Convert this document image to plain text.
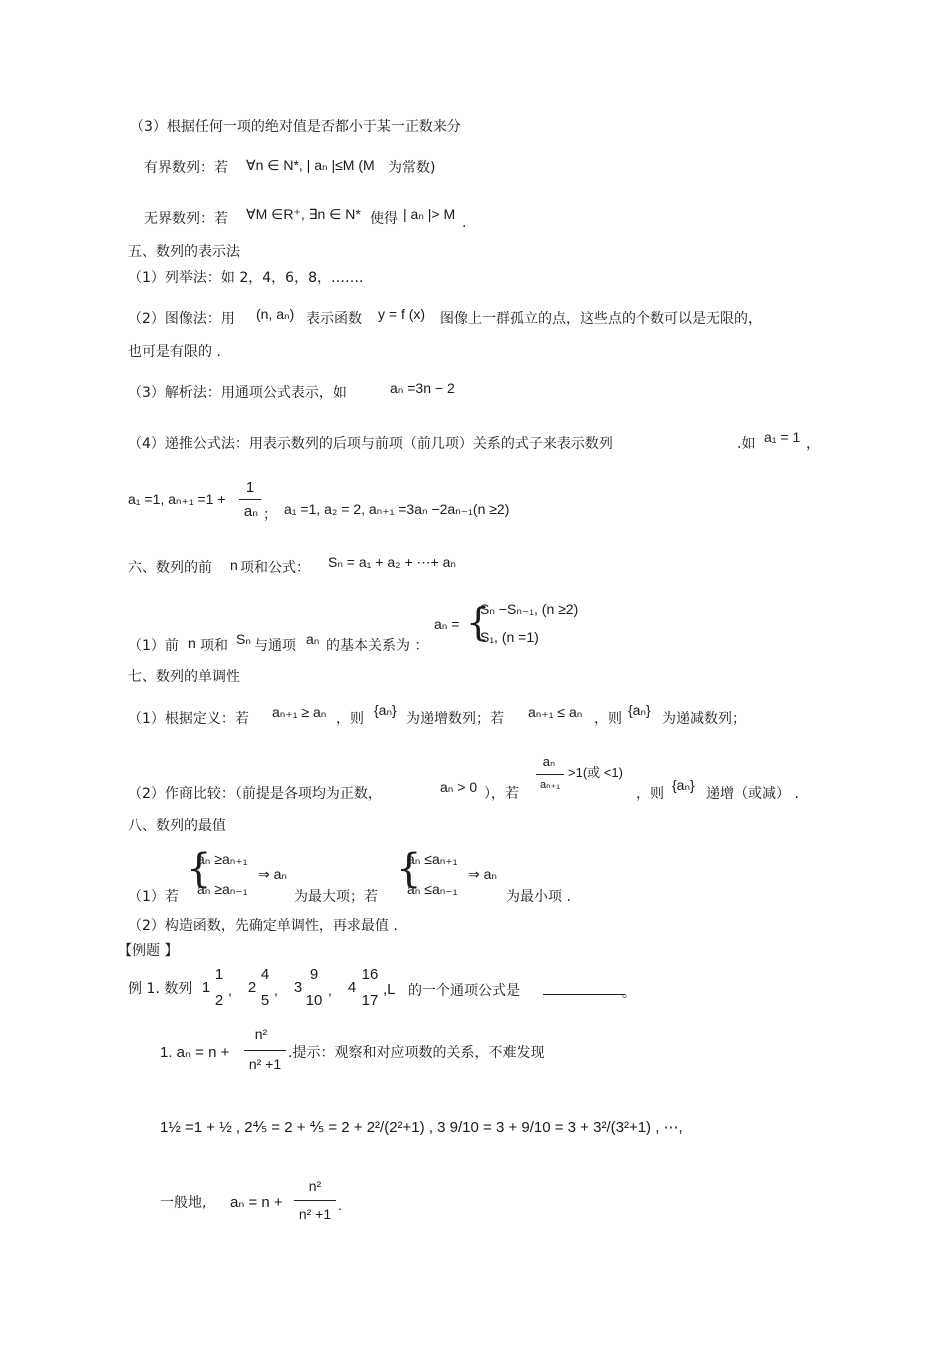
（3）根据任何一项的绝对值是否都小于某一正数来分
有界数列：若 ∀n ∈ N*, | aₙ |≤M (M 为常数)
无界数列：若 ∀M ∈R⁺, ∃n ∈ N* 使得 | aₙ |> M
.
五、数列的表示法
（1）列举法：如 2，4，6，8，……．
（2）图像法：用 (n, aₙ) 表示函数 y = f (x) 图像上一群孤立的点，这些点的个数可以是无限的，
也可是有限的 .
（3）解析法：用通项公式表示，如	aₙ =3n − 2
（4）递推公式法：用表示数列的后项与前项（前几项）关系的式子来表示数列	.如 a₁ = 1 ，
a₁ =1, aₙ₊₁ =1 +
1
aₙ ； a₁ =1, a₂ = 2, aₙ₊₁ =3aₙ −2aₙ₋₁(n ≥2)
六、数列的前 n 项和公式： Sₙ = a₁ + a₂ + ⋯+ aₙ
（1）前 n 项和 Sₙ 与通项 aₙ 的基本关系为 ：
aₙ = {
Sₙ −Sₙ₋₁, (n ≥2)
S₁, (n =1)
七、数列的单调性
（1）根据定义：若 aₙ₊₁ ≥ aₙ ，则
{aₙ}
为递增数列；若 aₙ₊₁ ≤ aₙ ，则
{aₙ}
为递减数列；
（2）作商比较：（前提是各项均为正数，	aₙ > 0 ），若
aₙ
aₙ₊₁
>1(或 <1)
，则
{aₙ}
递增（或减） .
八、数列的最值
（1）若
{
aₙ ≥aₙ₊₁
aₙ ≥aₙ₋₁
⇒ aₙ
为最大项；若
{
aₙ ≤aₙ₊₁
aₙ ≤aₙ₋₁
⇒ aₙ
为最小项 .
（2）构造函数，先确定单调性，再求最值 .
【例题 】
例 1. 数列 1
1
2
, 2
4
5
, 3
9
10
, 4
16
17
,L 的一个通项公式是	。
1. aₙ = n +
n²
n² +1
.提示：观察和对应项数的关系，不难发现
1½ =1 + ½ , 2⅘ = 2 + ⅘ = 2 + 2²/(2²+1) , 3 9/10 = 3 + 9/10 = 3 + 3²/(3²+1) , ⋯,
一般地, aₙ = n +
n²
n² +1
.
